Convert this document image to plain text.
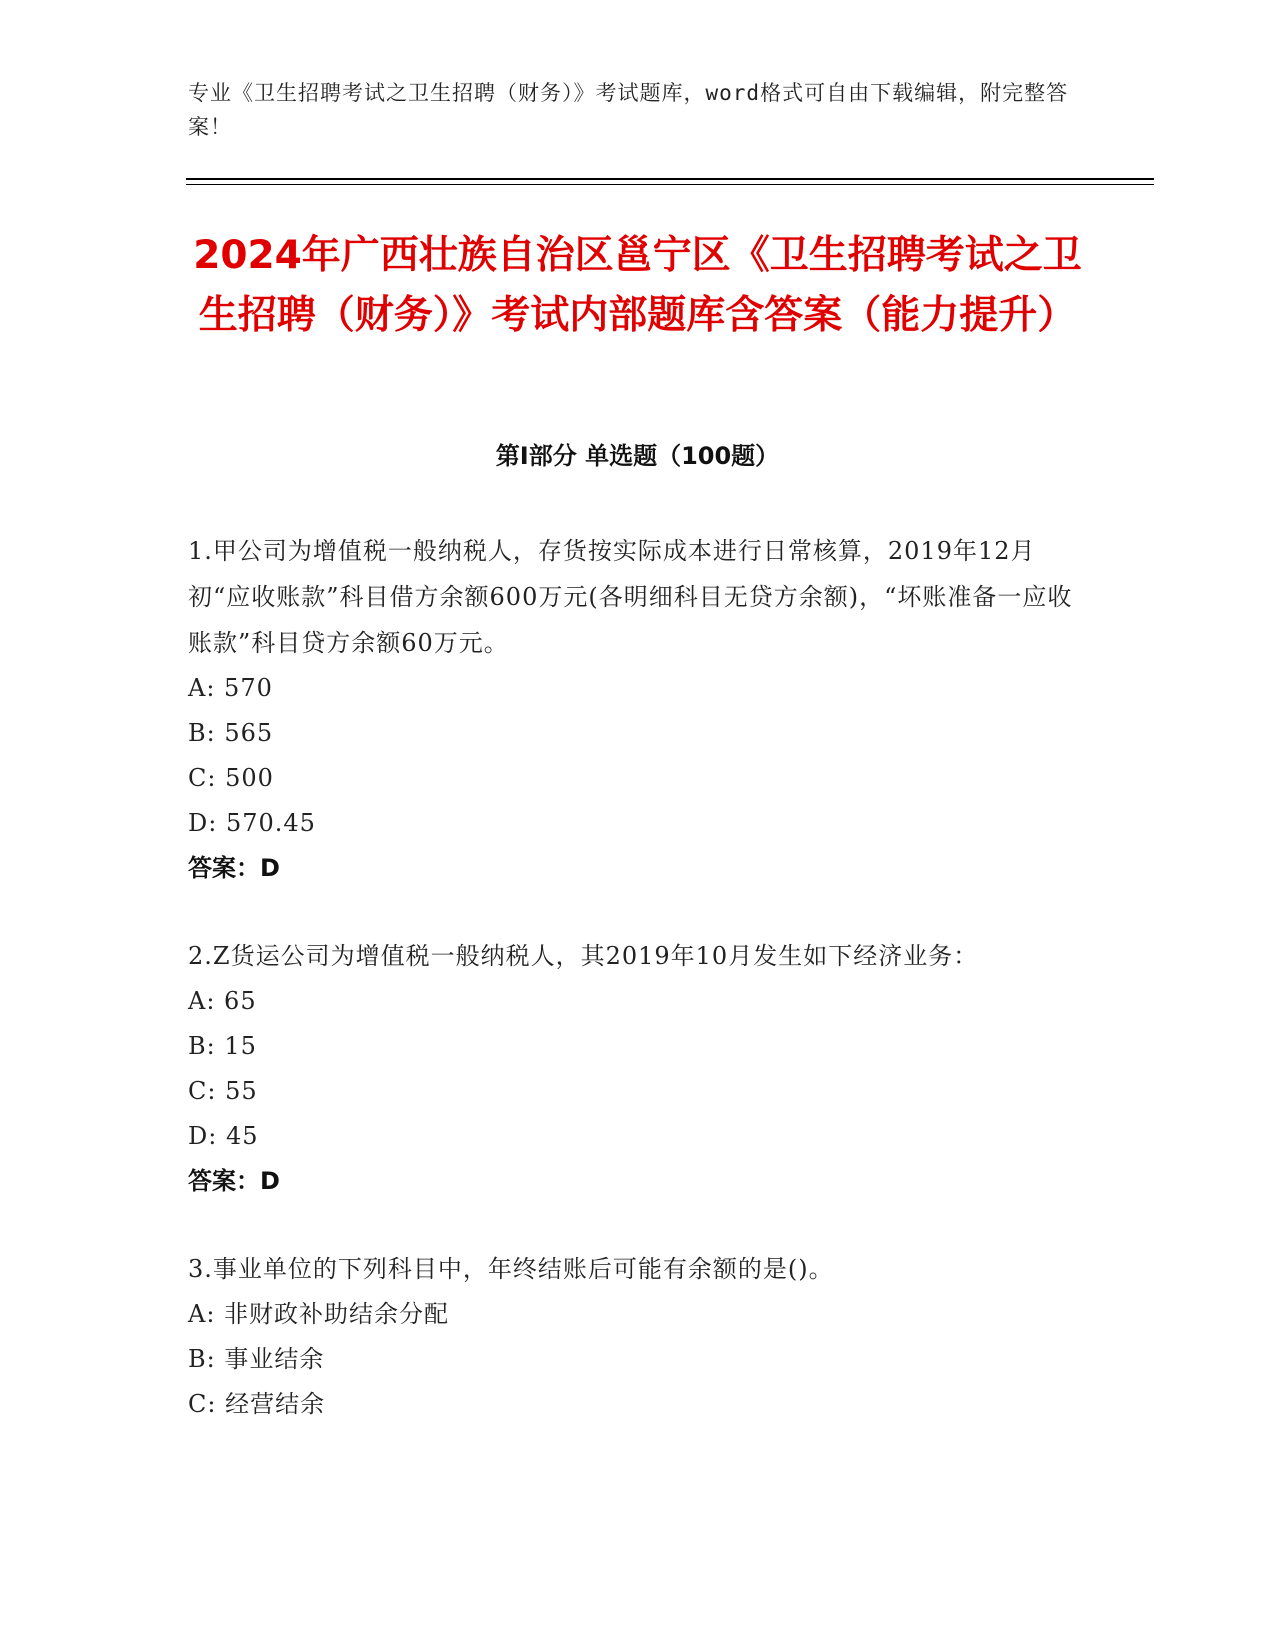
专业《卫生招聘考试之卫生招聘（财务）》考试题库，word格式可自由下载编辑，附完整答案！
2024年广西壮族自治区邕宁区《卫生招聘考试之卫生招聘（财务）》考试内部题库含答案（能力提升）
第Ⅰ部分 单选题（100题）
1.甲公司为增值税一般纳税人，存货按实际成本进行日常核算，2019年12月初“应收账款”科目借方余额600万元(各明细科目无贷方余额)，“坏账准备一应收账款”科目贷方余额60万元。
A: 570
B: 565
C: 500
D: 570.45
答案：D
2.Z货运公司为增值税一般纳税人，其2019年10月发生如下经济业务：
A: 65
B: 15
C: 55
D: 45
答案：D
3.事业单位的下列科目中，年终结账后可能有余额的是()。
A: 非财政补助结余分配
B: 事业结余
C: 经营结余
